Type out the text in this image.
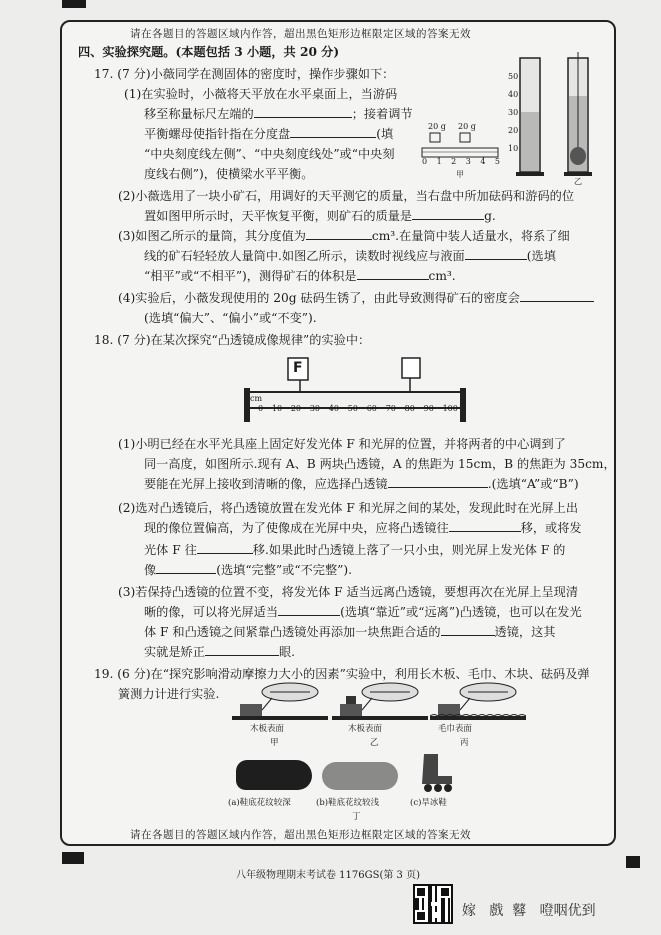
请在各题目的答题区域内作答，超出黑色矩形边框限定区域的答案无效
请在各题目的答题区域内作答，超出黑色矩形边框限定区域的答案无效
八年级物理期末考试卷 1176GS(第 3 页)
嫁   戲  鼛   噔咽优到
四、实验探究题。(本题包括 3 小题，共 20 分)
17. (7 分)小薇同学在测固体的密度时，操作步骤如下：
(1)在实验时，小薇将天平放在水平桌面上，当游码
移至称量标尺左端的	；接着调节
平衡螺母使指针指在分度盘	(填
“中央刻度线左侧”、“中央刻度线处”或“中央刻
度线右侧”)，使横梁水平平衡。
20 g 20 g
0 1 2 3 4 5
甲
50
40
30
20
10
乙
(2)小薇选用了一块小矿石，用调好的天平测它的质量，当右盘中所加砝码和游码的位
置如图甲所示时，天平恢复平衡，则矿石的质量是	g.
(3)如图乙所示的量筒，其分度值为	cm³.在量筒中装人适量水，将系了细
线的矿石轻轻放人量筒中.如图乙所示，读数时视线应与液面	(选填
“相平”或“不相平”)，测得矿石的体积是	cm³.
(4)实验后，小薇发现使用的 20g 砝码生锈了，由此导致测得矿石的密度会
(选填“偏大”、“偏小”或“不变”).
18. (7 分)在某次探究“凸透镜成像规律”的实验中：
F
0 10 20 30 40 50 60 70 80 90 100
cm
(1)小明已经在水平光具座上固定好发光体 F 和光屏的位置，并将两者的中心调到了
同一高度，如图所示.现有 A、B 两块凸透镜，A 的焦距为 15cm，B 的焦距为 35cm，
要能在光屏上接收到清晰的像，应选择凸透镜	.(选填“A”或“B”)
(2)选对凸透镜后，将凸透镜放置在发光体 F 和光屏之间的某处，发现此时在光屏上出
现的像位置偏高，为了使像成在光屏中央，应将凸透镜往	移，或将发
光体 F 往	移.如果此时凸透镜上落了一只小虫，则光屏上发光体 F 的
像	(选填“完整”或“不完整”).
(3)若保持凸透镜的位置不变，将发光体 F 适当远离凸透镜，要想再次在光屏上呈现清
晰的像，可以将光屏适当	(选填“靠近”或“远离”)凸透镜，也可以在发光
体 F 和凸透镜之间紧靠凸透镜处再添加一块焦距合适的	透镜，这其
实就是矫正	眼.
19. (6 分)在“探究影响滑动摩擦力大小的因素”实验中，利用长木板、毛巾、木块、砝码及弹
簧测力计进行实验.
木板表面
甲
木板表面
乙
毛巾表面
丙
(a)鞋底花纹较深	(b)鞋底花纹较浅	(c)旱冰鞋
丁
